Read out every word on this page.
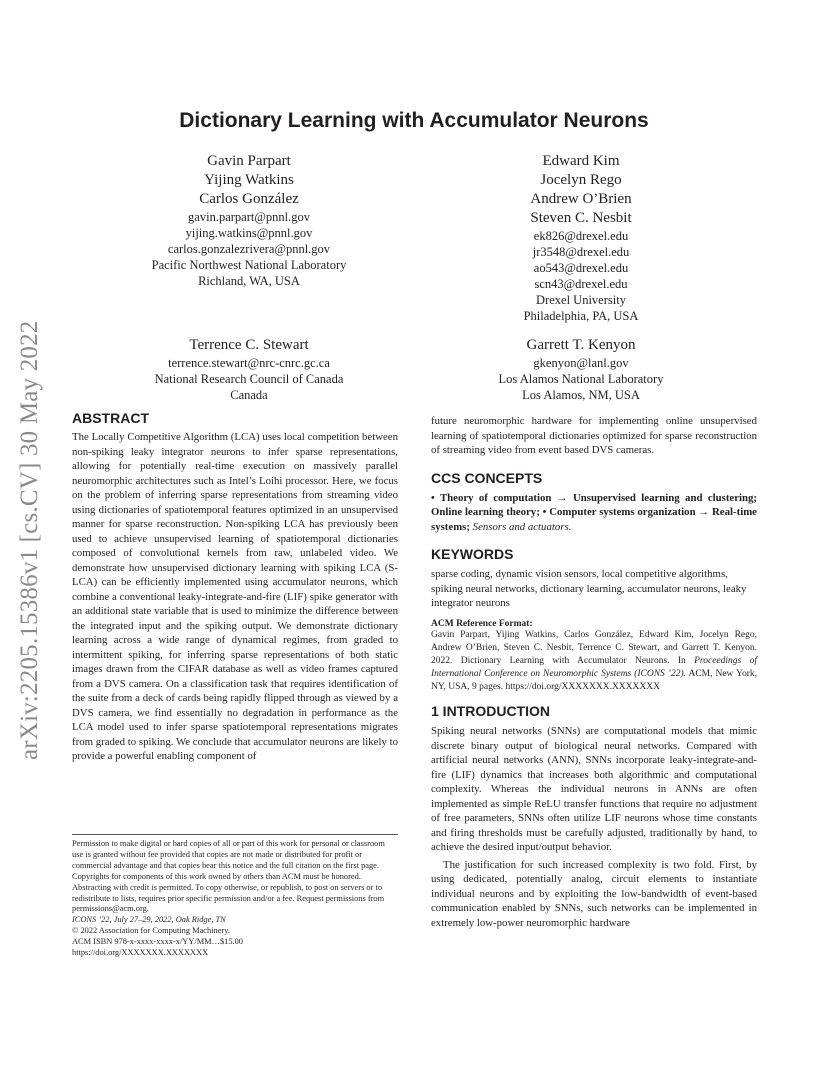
arXiv:2205.15386v1 [cs.CV] 30 May 2022
Dictionary Learning with Accumulator Neurons
Gavin Parpart
Yijing Watkins
Carlos González
gavin.parpart@pnnl.gov
yijing.watkins@pnnl.gov
carlos.gonzalezrivera@pnnl.gov
Pacific Northwest National Laboratory
Richland, WA, USA
Edward Kim
Jocelyn Rego
Andrew O’Brien
Steven C. Nesbit
ek826@drexel.edu
jr3548@drexel.edu
ao543@drexel.edu
scn43@drexel.edu
Drexel University
Philadelphia, PA, USA
Terrence C. Stewart
terrence.stewart@nrc-cnrc.gc.ca
National Research Council of Canada
Canada
Garrett T. Kenyon
gkenyon@lanl.gov
Los Alamos National Laboratory
Los Alamos, NM, USA
ABSTRACT
The Locally Competitive Algorithm (LCA) uses local competition between non-spiking leaky integrator neurons to infer sparse representations, allowing for potentially real-time execution on massively parallel neuromorphic architectures such as Intel’s Loihi processor. Here, we focus on the problem of inferring sparse representations from streaming video using dictionaries of spatiotemporal features optimized in an unsupervised manner for sparse reconstruction. Non-spiking LCA has previously been used to achieve unsupervised learning of spatiotemporal dictionaries composed of convolutional kernels from raw, unlabeled video. We demonstrate how unsupervised dictionary learning with spiking LCA (S-LCA) can be efficiently implemented using accumulator neurons, which combine a conventional leaky-integrate-and-fire (LIF) spike generator with an additional state variable that is used to minimize the difference between the integrated input and the spiking output. We demonstrate dictionary learning across a wide range of dynamical regimes, from graded to intermittent spiking, for inferring sparse representations of both static images drawn from the CIFAR database as well as video frames captured from a DVS camera. On a classification task that requires identification of the suite from a deck of cards being rapidly flipped through as viewed by a DVS camera, we find essentially no degradation in performance as the LCA model used to infer sparse spatiotemporal representations migrates from graded to spiking. We conclude that accumulator neurons are likely to provide a powerful enabling component of

Permission to make digital or hard copies of all or part of this work for personal or classroom use is granted without fee provided that copies are not made or distributed for profit or commercial advantage and that copies bear this notice and the full citation on the first page. Copyrights for components of this work owned by others than ACM must be honored. Abstracting with credit is permitted. To copy otherwise, or republish, to post on servers or to redistribute to lists, requires prior specific permission and/or a fee. Request permissions from permissions@acm.org.

ICONS ’22, July 27–29, 2022, Oak Ridge, TN

© 2022 Association for Computing Machinery.

ACM ISBN 978-x-xxxx-xxxx-x/YY/MM…$15.00

https://doi.org/XXXXXXX.XXXXXXX

future neuromorphic hardware for implementing online unsupervised learning of spatiotemporal dictionaries optimized for sparse reconstruction of streaming video from event based DVS cameras.
CCS CONCEPTS
• Theory of computation → Unsupervised learning and clustering; Online learning theory; • Computer systems organization → Real-time systems; Sensors and actuators.
KEYWORDS
sparse coding, dynamic vision sensors, local competitive algorithms, spiking neural networks, dictionary learning, accumulator neurons, leaky integrator neurons
ACM Reference Format:
Gavin Parpart, Yijing Watkins, Carlos González, Edward Kim, Jocelyn Rego, Andrew O’Brien, Steven C. Nesbit, Terrence C. Stewart, and Garrett T. Kenyon. 2022. Dictionary Learning with Accumulator Neurons. In Proceedings of International Conference on Neuromorphic Systems (ICONS ’22). ACM, New York, NY, USA, 9 pages. https://doi.org/XXXXXXX.XXXXXXX
1 INTRODUCTION

Spiking neural networks (SNNs) are computational models that mimic discrete binary output of biological neural networks. Compared with artificial neural networks (ANN), SNNs incorporate leaky-integrate-and-fire (LIF) dynamics that increases both algorithmic and computational complexity. Whereas the individual neurons in ANNs are often implemented as simple ReLU transfer functions that require no adjustment of free parameters, SNNs often utilize LIF neurons whose time constants and firing thresholds must be carefully adjusted, traditionally by hand, to achieve the desired input/output behavior.

The justification for such increased complexity is two fold. First, by using dedicated, potentially analog, circuit elements to instantiate individual neurons and by exploiting the low-bandwidth of event-based communication enabled by SNNs, such networks can be implemented in extremely low-power neuromorphic hardware
